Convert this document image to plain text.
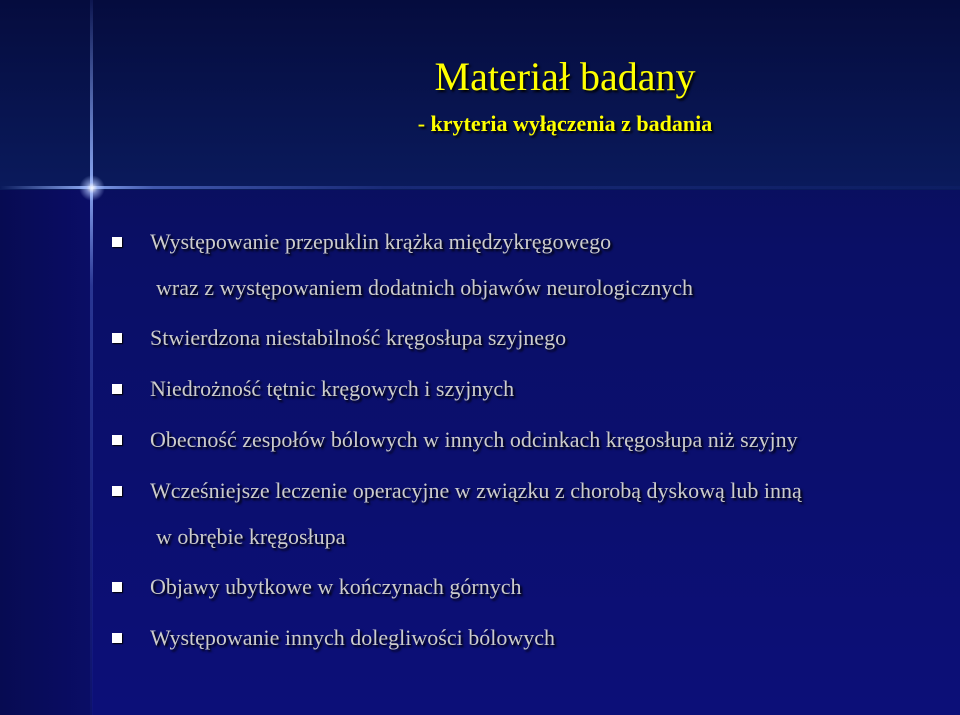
Materiał badany
- kryteria wyłączenia z badania
Występowanie przepuklin krążka międzykręgowego
wraz z występowaniem dodatnich objawów neurologicznych
Stwierdzona niestabilność kręgosłupa szyjnego
Niedrożność tętnic kręgowych i szyjnych
Obecność zespołów bólowych w innych odcinkach kręgosłupa niż szyjny
Wcześniejsze leczenie operacyjne w związku z chorobą dyskową lub inną
w obrębie kręgosłupa
Objawy ubytkowe w kończynach górnych
Występowanie innych dolegliwości bólowych
